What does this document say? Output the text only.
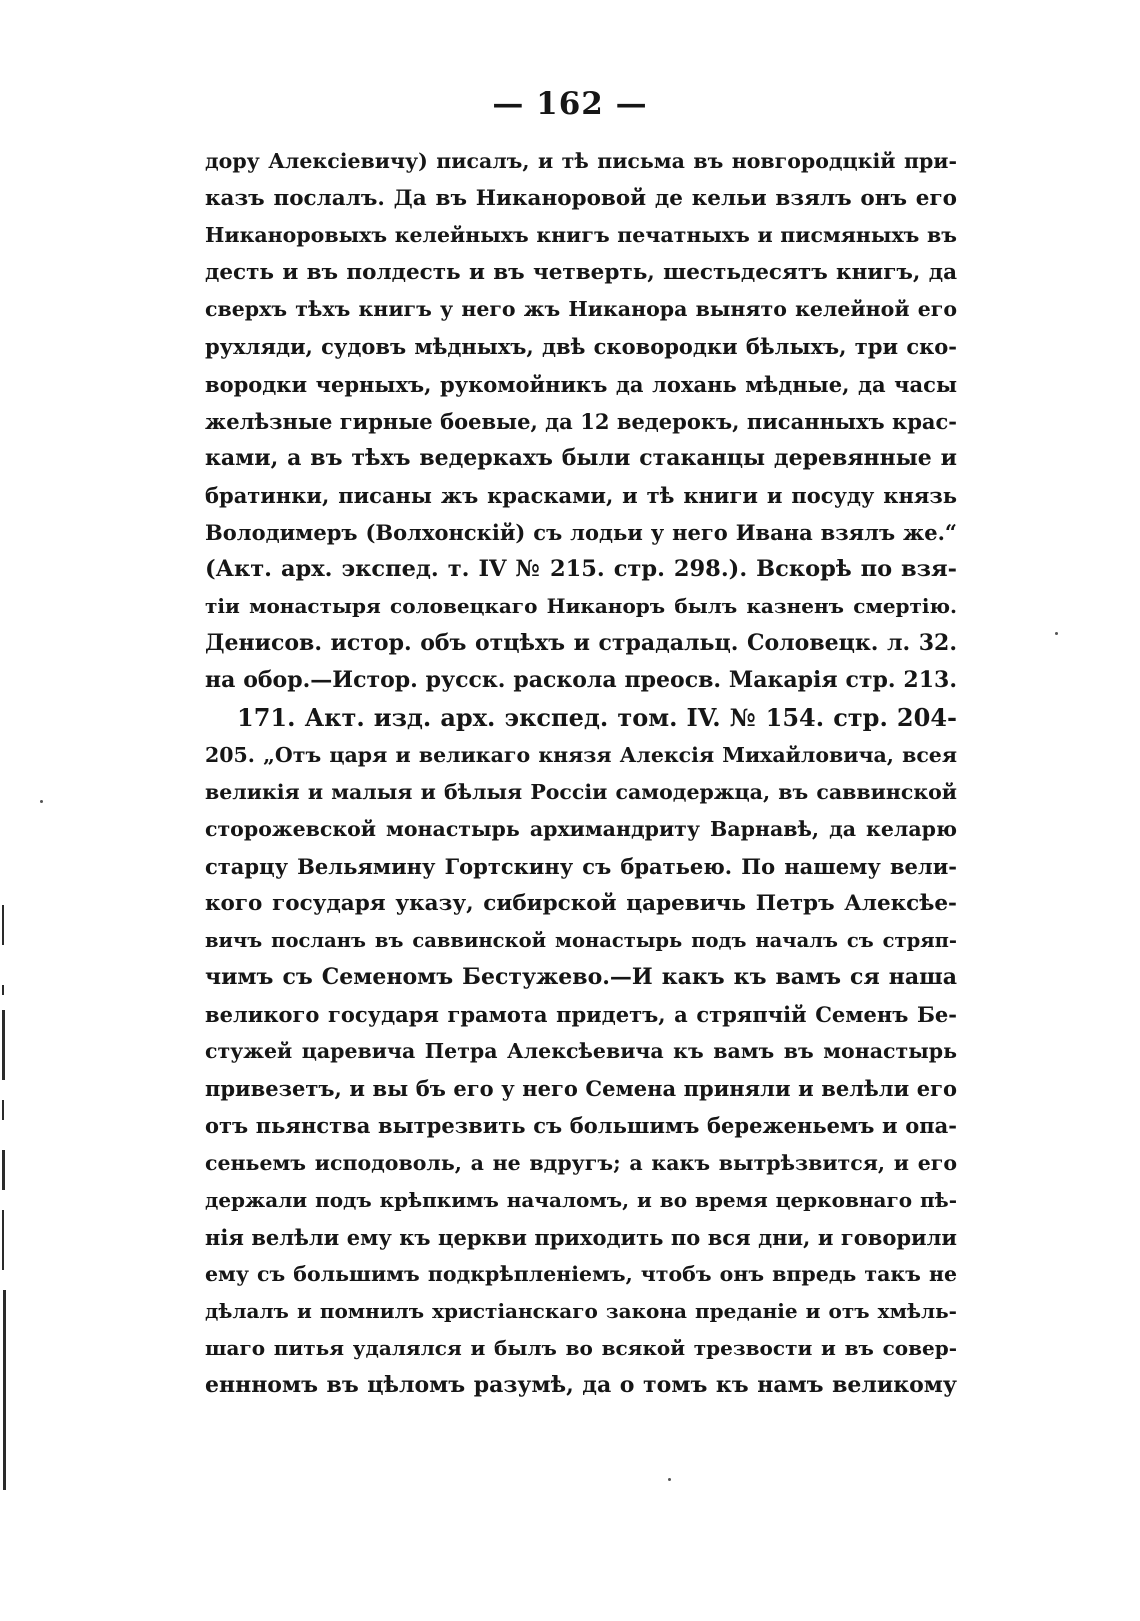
— 162 —
дору Алексіевичу) писалъ, и тѣ письма въ новгородцкій при-
казъ послалъ. Да въ Никаноровой де кельи взялъ онъ его
Никаноровыхъ келейныхъ книгъ печатныхъ и писмяныхъ въ
десть и въ полдесть и въ четверть, шестьдесятъ книгъ, да
сверхъ тѣхъ книгъ у него жъ Никанора вынято келейной его
рухляди, судовъ мѣдныхъ, двѣ сковородки бѣлыхъ, три ско-
вородки черныхъ, рукомойникъ да лохань мѣдные, да часы
желѣзные гирные боевые, да 12 ведерокъ, писанныхъ крас-
ками, а въ тѣхъ ведеркахъ были стаканцы деревянные и
братинки, писаны жъ красками, и тѣ книги и посуду князь
Володимеръ (Волхонскій) съ лодьи у него Ивана взялъ же.“
(Акт. арх. экспед. т. IV № 215. стр. 298.). Вскорѣ по взя-
тіи монастыря соловецкаго Никаноръ былъ казненъ смертію.
Денисов. истор. объ отцѣхъ и страдальц. Соловецк. л. 32.
на обор.—Истор. русск. раскола преосв. Макарія стр. 213.
171. Акт. изд. арх. экспед. том. IV. № 154. стр. 204-
205. „Отъ царя и великаго князя Алексія Михайловича, всея
великія и малыя и бѣлыя Россіи самодержца, въ саввинской
сторожевской монастырь архимандриту Варнавѣ, да келарю
старцу Вельямину Гортскину съ братьею. По нашему вели-
кого государя указу, сибирской царевичь Петръ Алексѣе-
вичъ посланъ въ саввинской монастырь подъ началъ съ стряп-
чимъ съ Семеномъ Бестужево.—И какъ къ вамъ ся наша
великого государя грамота придетъ, а стряпчій Семенъ Бе-
стужей царевича Петра Алексѣевича къ вамъ въ монастырь
привезетъ, и вы бъ его у него Семена приняли и велѣли его
отъ пьянства вытрезвить съ большимъ береженьемъ и опа-
сеньемъ исподоволь, а не вдругъ; а какъ вытрѣзвится, и его
держали подъ крѣпкимъ началомъ, и во время церковнаго пѣ-
нія велѣли ему къ церкви приходить по вся дни, и говорили
ему съ большимъ подкрѣпленіемъ, чтобъ онъ впредь такъ не
дѣлалъ и помнилъ христіанскаго закона преданіе и отъ хмѣль-
шаго питья удалялся и былъ во всякой трезвости и въ совер-
еннномъ въ цѣломъ разумѣ, да о томъ къ намъ великому
